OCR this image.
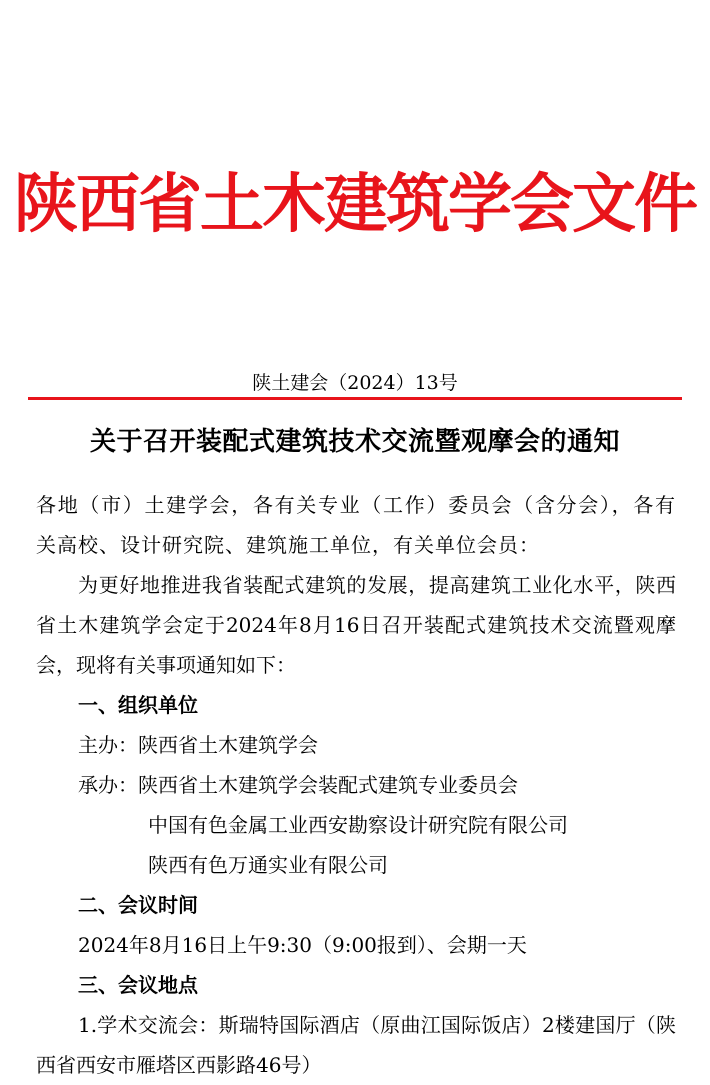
陕西省土木建筑学会文件
陕土建会（2024）13号
关于召开装配式建筑技术交流暨观摩会的通知

各地（市）土建学会，各有关专业（工作）委员会（含分会），各有关高校、设计研究院、建筑施工单位，有关单位会员：

为更好地推进我省装配式建筑的发展，提高建筑工业化水平，陕西省土木建筑学会定于2024年8月16日召开装配式建筑技术交流暨观摩会，现将有关事项通知如下：

一、组织单位

主办：陕西省土木建筑学会

承办：陕西省土木建筑学会装配式建筑专业委员会

中国有色金属工业西安勘察设计研究院有限公司

陕西有色万通实业有限公司

二、会议时间

2024年8月16日上午9:30（9:00报到）、会期一天

三、会议地点

1.学术交流会：斯瑞特国际酒店（原曲江国际饭店）2楼建国厅（陕西省西安市雁塔区西影路46号）
